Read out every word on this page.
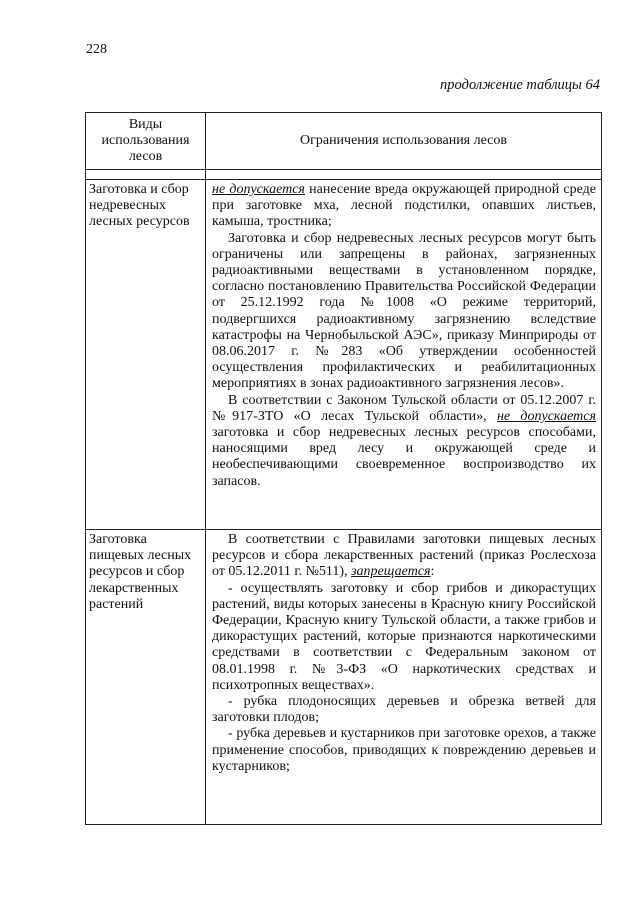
228
продолжение таблицы 64
Виды использования лесов	Ограничения использования лесов

Заготовка и сбор недревесных лесных ресурсов	не допускается нанесение вреда окружающей природной среде при заготовке мха, лесной подстилки, опавших листьев, камыша, тростника;

Заготовка и сбор недревесных лесных ресурсов могут быть ограничены или запрещены в районах, загрязненных радиоактивными веществами в установленном порядке, согласно постановлению Правительства Российской Федерации от 25.12.1992 года №1008 «О режиме территорий, подвергшихся радиоактивному загрязнению вследствие катастрофы на Чернобыльской АЭС», приказу Минприроды от 08.06.2017 г. №283 «Об утверждении особенностей осуществления профилактических и реабилитационных мероприятиях в зонах радиоактивного загрязнения лесов».

В соответствии с Законом Тульской области от 05.12.2007 г. №917-ЗТО «О лесах Тульской области», не допускается заготовка и сбор недревесных лесных ресурсов способами, наносящими вред лесу и окружающей среде и необеспечивающими своевременное воспроизводство их запасов.

Заготовка пищевых лесных ресурсов и сбор лекарственных растений	В соответствии с Правилами заготовки пищевых лесных ресурсов и сбора лекарственных растений (приказ Рослесхоза от 05.12.2011 г. №511), запрещается:

- осуществлять заготовку и сбор грибов и дикорастущих растений, виды которых занесены в Красную книгу Российской Федерации, Красную книгу Тульской области, а также грибов и дикорастущих растений, которые признаются наркотическими средствами в соответствии с Федеральным законом от 08.01.1998 г. №3-ФЗ «О наркотических средствах и психотропных веществах».

- рубка плодоносящих деревьев и обрезка ветвей для заготовки плодов;

- рубка деревьев и кустарников при заготовке орехов, а также применение способов, приводящих к повреждению деревьев и кустарников;
